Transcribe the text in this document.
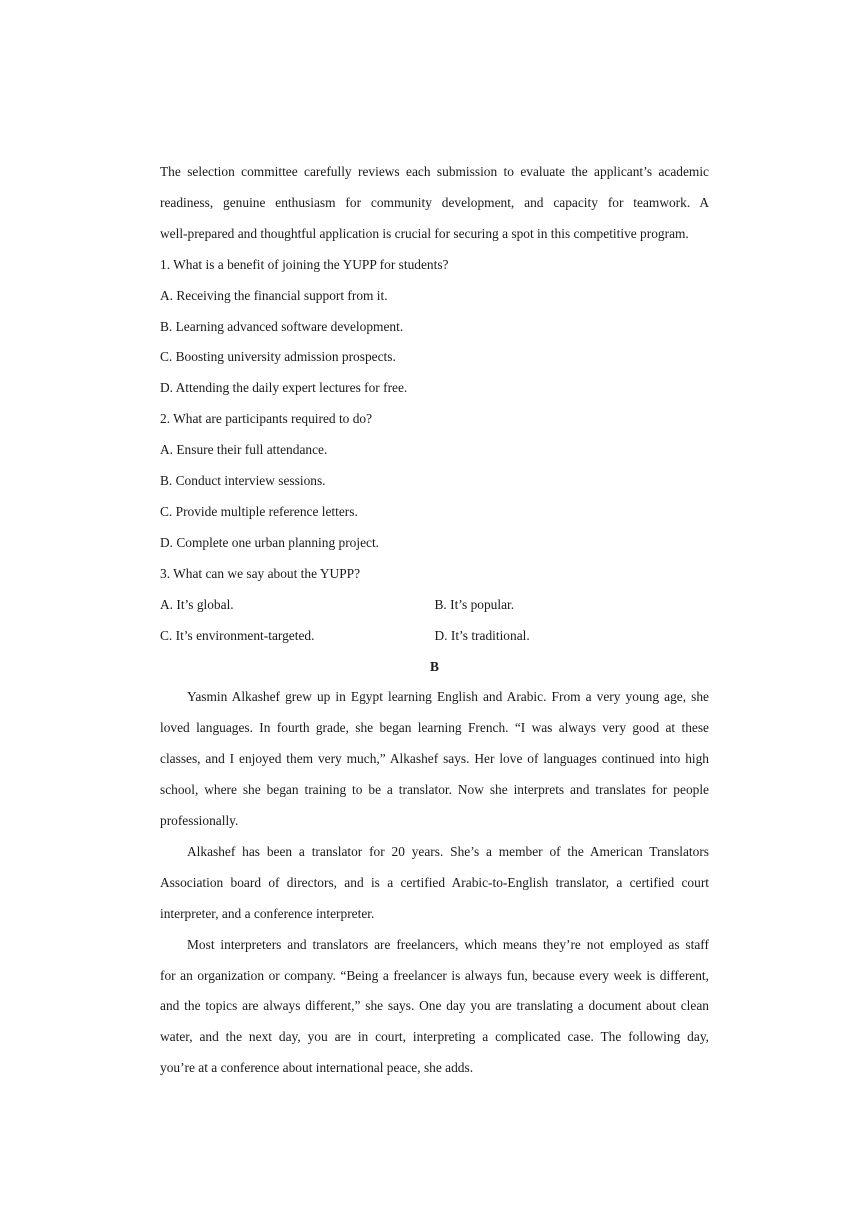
The selection committee carefully reviews each submission to evaluate the applicant’s academic
readiness, genuine enthusiasm for community development, and capacity for teamwork. A
well-prepared and thoughtful application is crucial for securing a spot in this competitive program.

1. What is a benefit of joining the YUPP for students?

A. Receiving the financial support from it.

B. Learning advanced software development.

C. Boosting university admission prospects.

D. Attending the daily expert lectures for free.

2. What are participants required to do?

A. Ensure their full attendance.

B. Conduct interview sessions.

C. Provide multiple reference letters.

D. Complete one urban planning project.

3. What can we say about the YUPP?

A. It’s global.	B. It’s popular.
C. It’s environment-targeted.	D. It’s traditional.

B

Yasmin Alkashef grew up in Egypt learning English and Arabic. From a very young age, she
loved languages. In fourth grade, she began learning French. “I was always very good at these
classes, and I enjoyed them very much,” Alkashef says. Her love of languages continued into high
school, where she began training to be a translator. Now she interprets and translates for people
professionally.

Alkashef has been a translator for 20 years. She’s a member of the American Translators
Association board of directors, and is a certified Arabic-to-English translator, a certified court
interpreter, and a conference interpreter.

Most interpreters and translators are freelancers, which means they’re not employed as staff
for an organization or company. “Being a freelancer is always fun, because every week is different,
and the topics are always different,” she says. One day you are translating a document about clean
water, and the next day, you are in court, interpreting a complicated case. The following day,
you’re at a conference about international peace, she adds.
